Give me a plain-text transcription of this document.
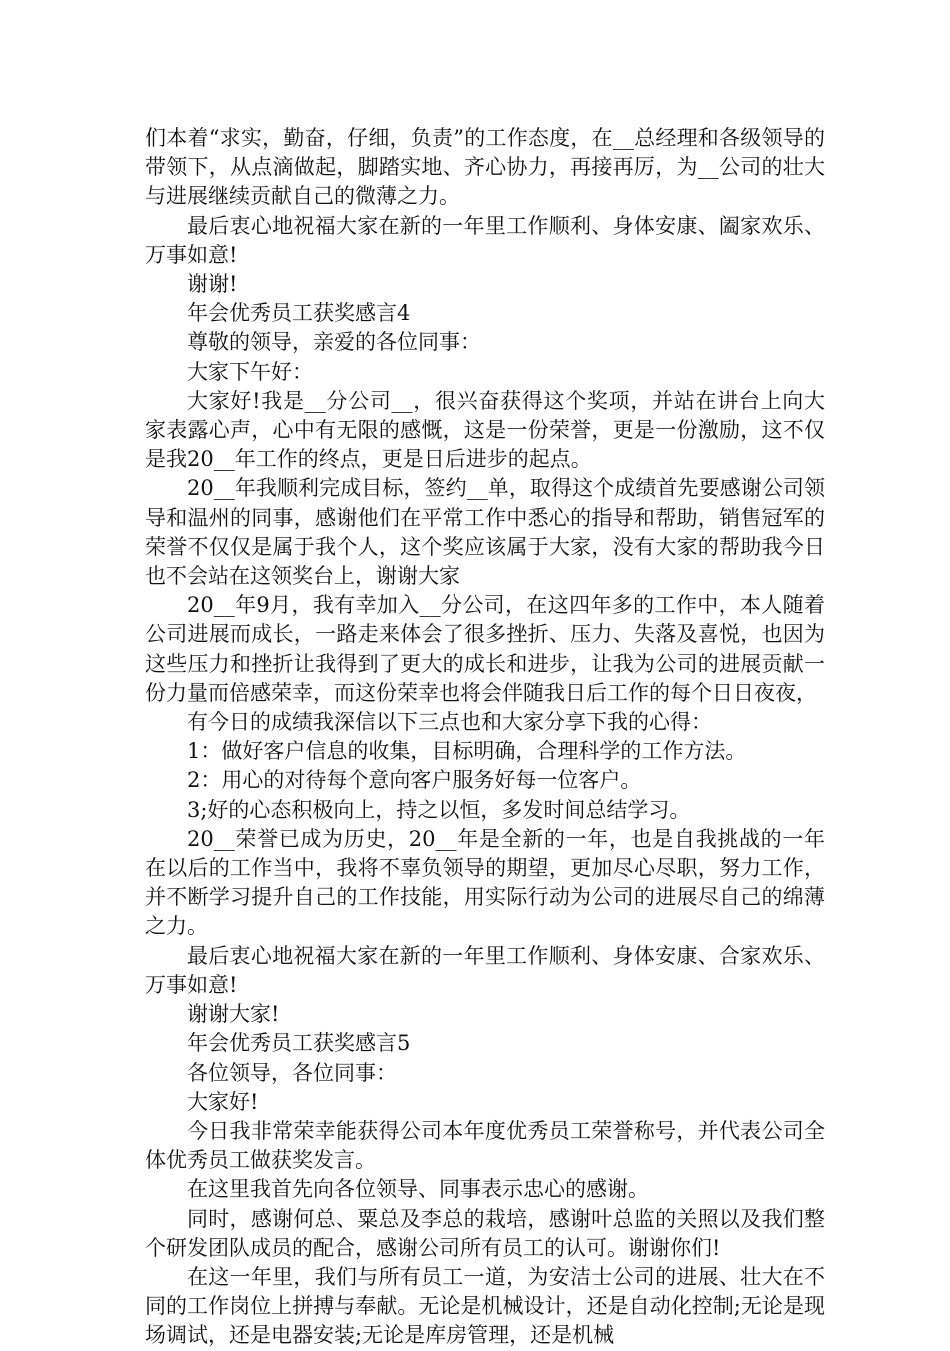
们本着“求实，勤奋，仔细，负责”的工作态度，在__总经理和各级领导的带领下，从点滴做起，脚踏实地、齐心协力，再接再厉，为__公司的壮大与进展继续贡献自己的微薄之力。

最后衷心地祝福大家在新的一年里工作顺利、身体安康、阖家欢乐、万事如意!

谢谢!

年会优秀员工获奖感言4

尊敬的领导，亲爱的各位同事：

大家下午好：

大家好!我是__分公司__，很兴奋获得这个奖项，并站在讲台上向大家表露心声，心中有无限的感慨，这是一份荣誉，更是一份激励，这不仅是我20__年工作的终点，更是日后进步的起点。

20__年我顺利完成目标，签约__单，取得这个成绩首先要感谢公司领导和温州的同事，感谢他们在平常工作中悉心的指导和帮助，销售冠军的荣誉不仅仅是属于我个人，这个奖应该属于大家，没有大家的帮助我今日也不会站在这领奖台上，谢谢大家

20__年9月，我有幸加入__分公司，在这四年多的工作中，本人随着公司进展而成长，一路走来体会了很多挫折、压力、失落及喜悦，也因为这些压力和挫折让我得到了更大的成长和进步，让我为公司的进展贡献一份力量而倍感荣幸，而这份荣幸也将会伴随我日后工作的每个日日夜夜，

有今日的成绩我深信以下三点也和大家分享下我的心得：

1：做好客户信息的收集，目标明确，合理科学的工作方法。

2：用心的对待每个意向客户服务好每一位客户。

3;好的心态积极向上，持之以恒，多发时间总结学习。

20__荣誉已成为历史，20__年是全新的一年，也是自我挑战的一年在以后的工作当中，我将不辜负领导的期望，更加尽心尽职，努力工作，并不断学习提升自己的工作技能，用实际行动为公司的进展尽自己的绵薄之力。

最后衷心地祝福大家在新的一年里工作顺利、身体安康、合家欢乐、万事如意!

谢谢大家!

年会优秀员工获奖感言5

各位领导，各位同事：

大家好!

今日我非常荣幸能获得公司本年度优秀员工荣誉称号，并代表公司全体优秀员工做获奖发言。

在这里我首先向各位领导、同事表示忠心的感谢。

同时，感谢何总、粟总及李总的栽培，感谢叶总监的关照以及我们整个研发团队成员的配合，感谢公司所有员工的认可。谢谢你们!

在这一年里，我们与所有员工一道，为安洁士公司的进展、壮大在不同的工作岗位上拼搏与奉献。无论是机械设计，还是自动化控制;无论是现场调试，还是电器安装;无论是库房管理，还是机械
